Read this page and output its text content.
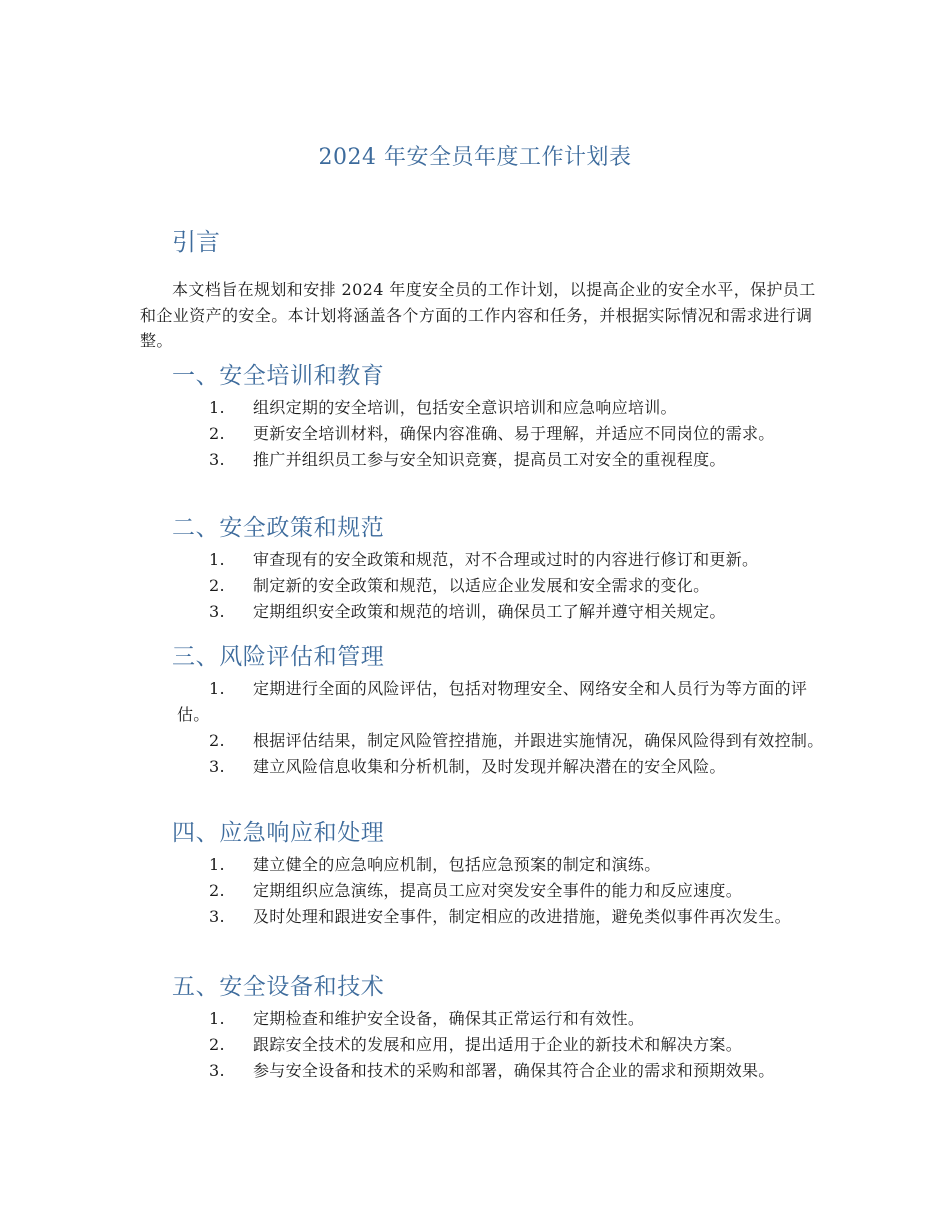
2024 年安全员年度工作计划表
引言
本文档旨在规划和安排 2024 年度安全员的工作计划，以提高企业的安全水平，保护员工和企业资产的安全。本计划将涵盖各个方面的工作内容和任务，并根据实际情况和需求进行调整。
一、安全培训和教育
1. 组织定期的安全培训，包括安全意识培训和应急响应培训。
2. 更新安全培训材料，确保内容准确、易于理解，并适应不同岗位的需求。
3. 推广并组织员工参与安全知识竞赛，提高员工对安全的重视程度。
二、安全政策和规范
1. 审查现有的安全政策和规范，对不合理或过时的内容进行修订和更新。
2. 制定新的安全政策和规范，以适应企业发展和安全需求的变化。
3. 定期组织安全政策和规范的培训，确保员工了解并遵守相关规定。
三、风险评估和管理
1. 定期进行全面的风险评估，包括对物理安全、网络安全和人员行为等方面的评估。
2. 根据评估结果，制定风险管控措施，并跟进实施情况，确保风险得到有效控制。
3. 建立风险信息收集和分析机制，及时发现并解决潜在的安全风险。
四、应急响应和处理
1. 建立健全的应急响应机制，包括应急预案的制定和演练。
2. 定期组织应急演练，提高员工应对突发安全事件的能力和反应速度。
3. 及时处理和跟进安全事件，制定相应的改进措施，避免类似事件再次发生。
五、安全设备和技术
1. 定期检查和维护安全设备，确保其正常运行和有效性。
2. 跟踪安全技术的发展和应用，提出适用于企业的新技术和解决方案。
3. 参与安全设备和技术的采购和部署，确保其符合企业的需求和预期效果。
